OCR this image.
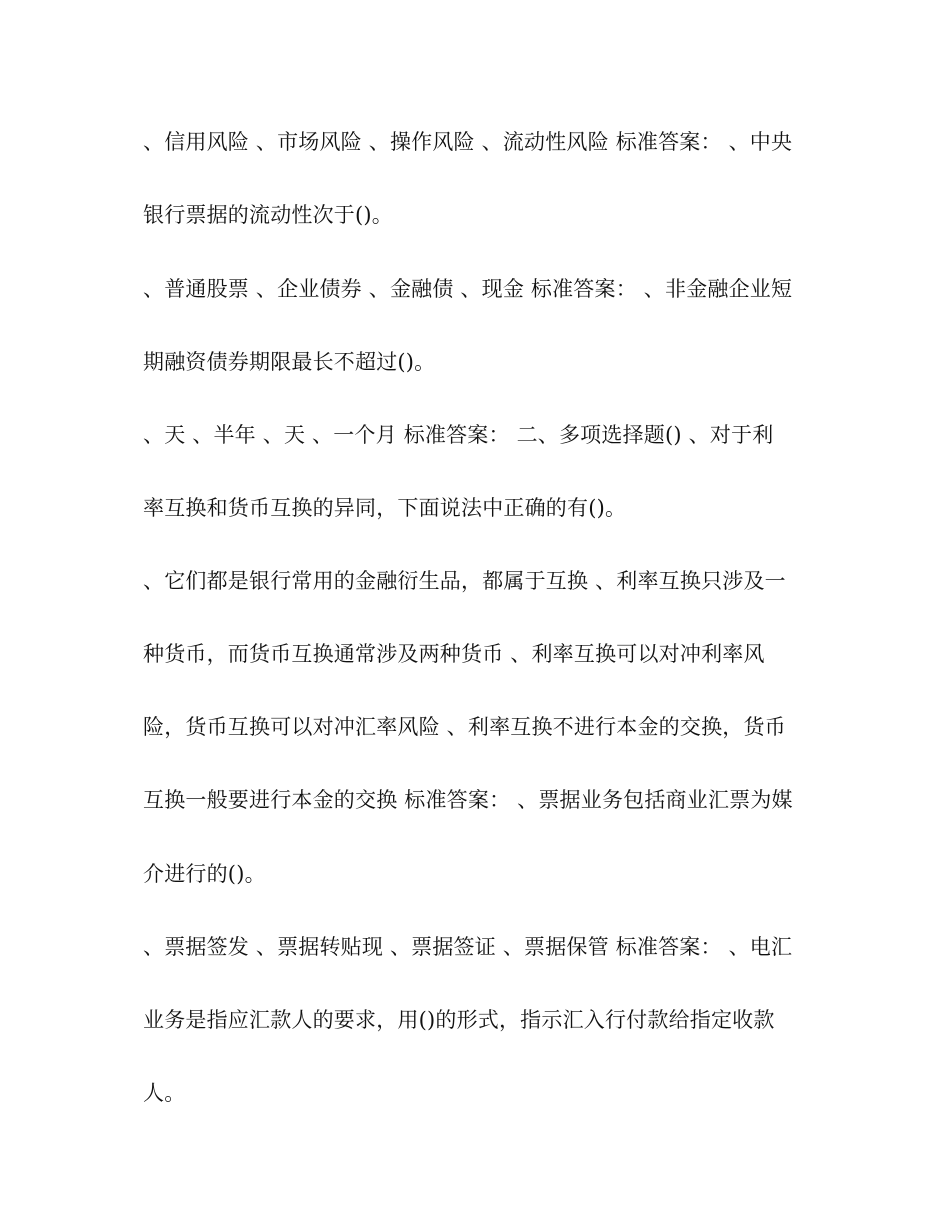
、信用风险 、市场风险 、操作风险 、流动性风险 标准答案： 、中央
银行票据的流动性次于()。
、普通股票 、企业债券 、金融债 、现金 标准答案： 、非金融企业短
期融资债券期限最长不超过()。
、天 、半年 、天 、一个月 标准答案： 二、多项选择题() 、对于利
率互换和货币互换的异同，下面说法中正确的有()。
、它们都是银行常用的金融衍生品，都属于互换 、利率互换只涉及一
种货币，而货币互换通常涉及两种货币 、利率互换可以对冲利率风
险，货币互换可以对冲汇率风险 、利率互换不进行本金的交换，货币
互换一般要进行本金的交换 标准答案： 、票据业务包括商业汇票为媒
介进行的()。
、票据签发 、票据转贴现 、票据签证 、票据保管 标准答案： 、电汇
业务是指应汇款人的要求，用()的形式，指示汇入行付款给指定收款
人。
